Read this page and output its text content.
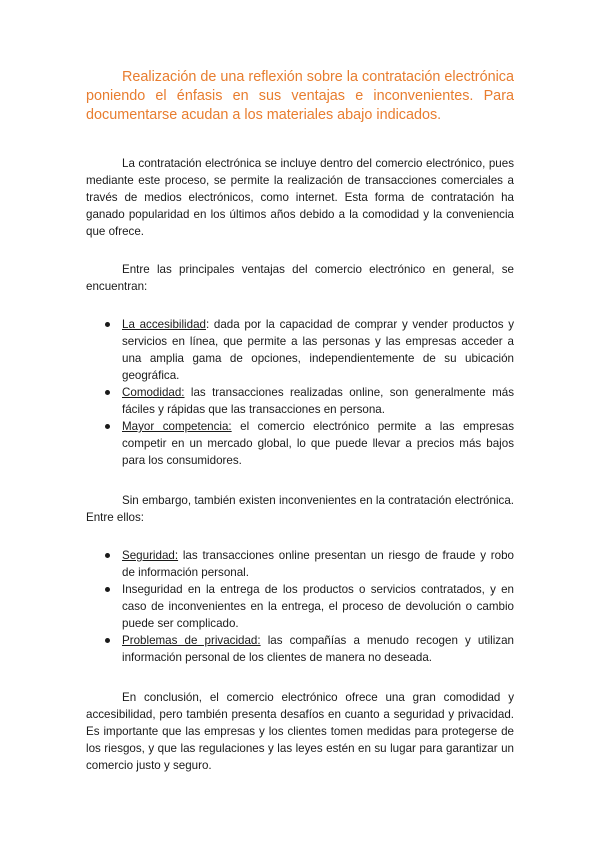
Realización de una reflexión sobre la contratación electrónica poniendo el énfasis en sus ventajas e inconvenientes. Para documentarse acudan a los materiales abajo indicados.

La contratación electrónica se incluye dentro del comercio electrónico, pues mediante este proceso, se permite la realización de transacciones comerciales a través de medios electrónicos, como internet. Esta forma de contratación ha ganado popularidad en los últimos años debido a la comodidad y la conveniencia que ofrece.

Entre las principales ventajas del comercio electrónico en general, se encuentran:

La accesibilidad: dada por la capacidad de comprar y vender productos y servicios en línea, que permite a las personas y las empresas acceder a una amplia gama de opciones, independientemente de su ubicación geográfica.
Comodidad: las transacciones realizadas online, son generalmente más fáciles y rápidas que las transacciones en persona.
Mayor competencia: el comercio electrónico permite a las empresas competir en un mercado global, lo que puede llevar a precios más bajos para los consumidores.

Sin embargo, también existen inconvenientes en la contratación electrónica. Entre ellos:

Seguridad: las transacciones online presentan un riesgo de fraude y robo de información personal.
Inseguridad en la entrega de los productos o servicios contratados, y en caso de inconvenientes en la entrega, el proceso de devolución o cambio puede ser complicado.
Problemas de privacidad: las compañías a menudo recogen y utilizan información personal de los clientes de manera no deseada.

En conclusión, el comercio electrónico ofrece una gran comodidad y accesibilidad, pero también presenta desafíos en cuanto a seguridad y privacidad. Es importante que las empresas y los clientes tomen medidas para protegerse de los riesgos, y que las regulaciones y las leyes estén en su lugar para garantizar un comercio justo y seguro.
